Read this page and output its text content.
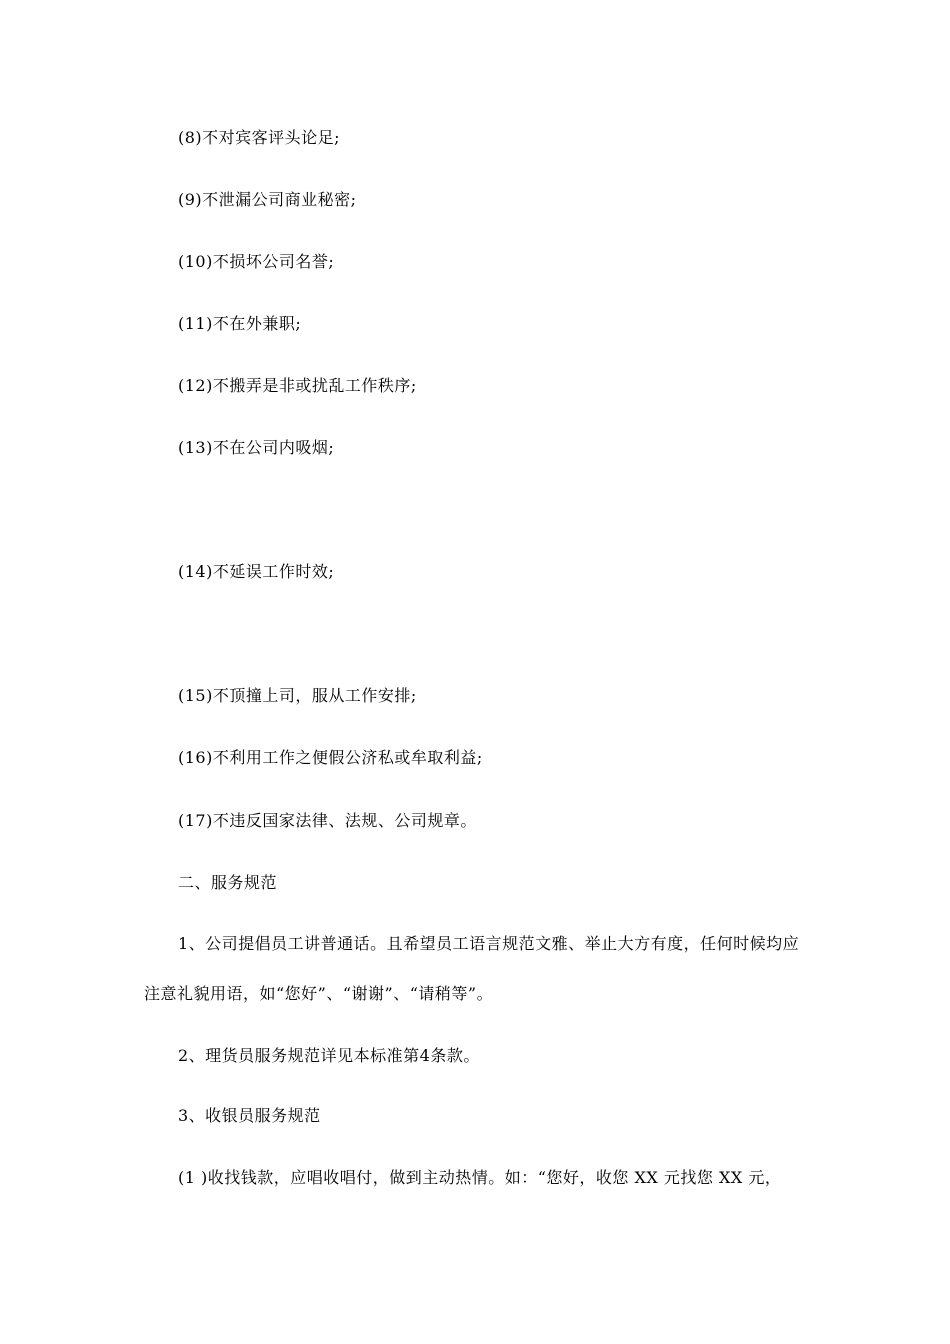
(8)不对宾客评头论足;
(9)不泄漏公司商业秘密;
(10)不损坏公司名誉;
(11)不在外兼职;
(12)不搬弄是非或扰乱工作秩序;
(13)不在公司内吸烟;
(14)不延误工作时效;
(15)不顶撞上司，服从工作安排;
(16)不利用工作之便假公济私或牟取利益;
(17)不违反国家法律、法规、公司规章。
二、服务规范
1、公司提倡员工讲普通话。且希望员工语言规范文雅、举止大方有度，任何时候均应
注意礼貌用语，如“您好”、“谢谢”、“请稍等”。
2、理货员服务规范详见本标准第4条款。
3、收银员服务规范
(1 )收找钱款，应唱收唱付，做到主动热情。如：“您好，收您 XX 元找您 XX 元，
